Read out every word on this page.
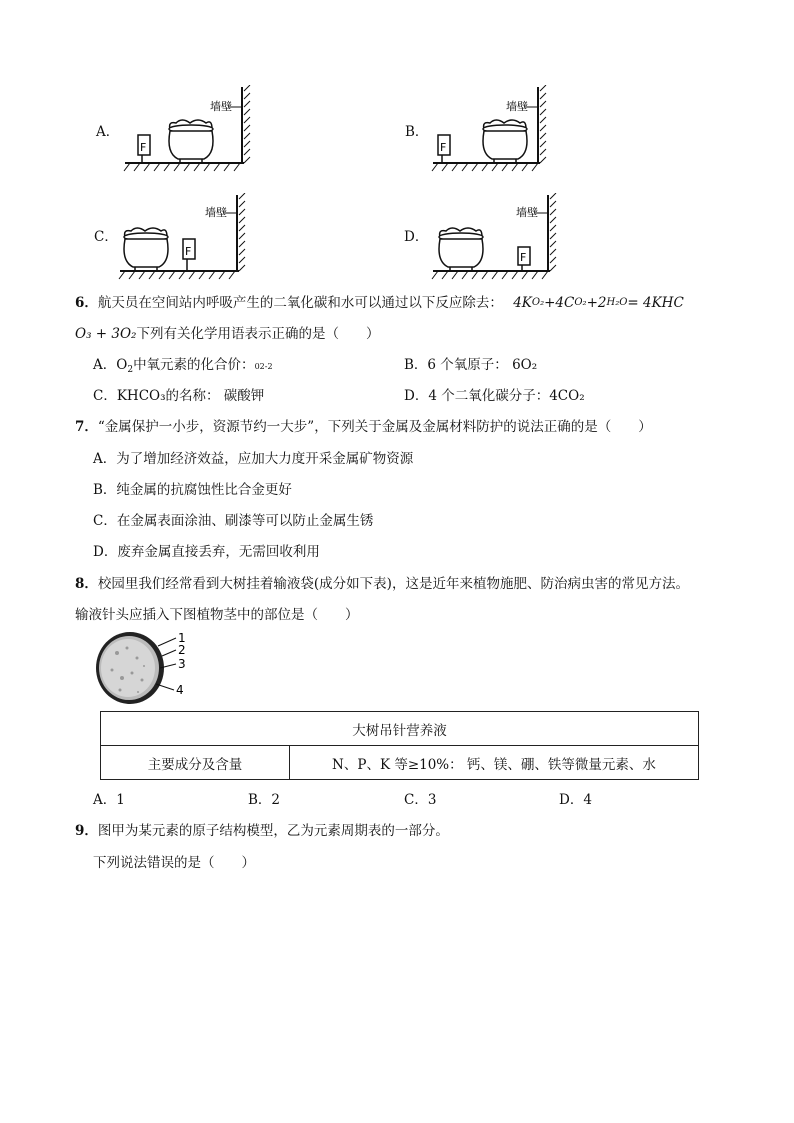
A．	B．
C．	D．
墙壁
F
墙壁
F
墙壁
F
墙壁
F
6．航天员在空间站内呼吸产生的二氧化碳和水可以通过以下反应除去： 4KO₂+4CO₂+2H₂O= 4KHC
O₃ + 3O₂下列有关化学用语表示正确的是（　　）
A．$O_2$中氧元素的化合价：02-2	B．6 个氧原子： 6O₂
C．KHCO₃的名称： 碳酸钾	D．4 个二氧化碳分子：4CO₂
7．“金属保护一小步，资源节约一大步”，下列关于金属及金属材料防护的说法正确的是（　　）
A．为了增加经济效益，应加大力度开采金属矿物资源
B．纯金属的抗腐蚀性比合金更好
C．在金属表面涂油、刷漆等可以防止金属生锈
D．废弃金属直接丢弃，无需回收利用
8．校园里我们经常看到大树挂着输液袋(成分如下表)，这是近年来植物施肥、防治病虫害的常见方法。
输液针头应插入下图植物茎中的部位是（　　）
1
2
3
4
大树吊针营养液
主要成分及含量	N、P、K 等≥10%： 钙、镁、硼、铁等微量元素、水
A．1	B．2	C．3	D．4
9．图甲为某元素的原子结构模型，乙为元素周期表的一部分。
下列说法错误的是（　　）
